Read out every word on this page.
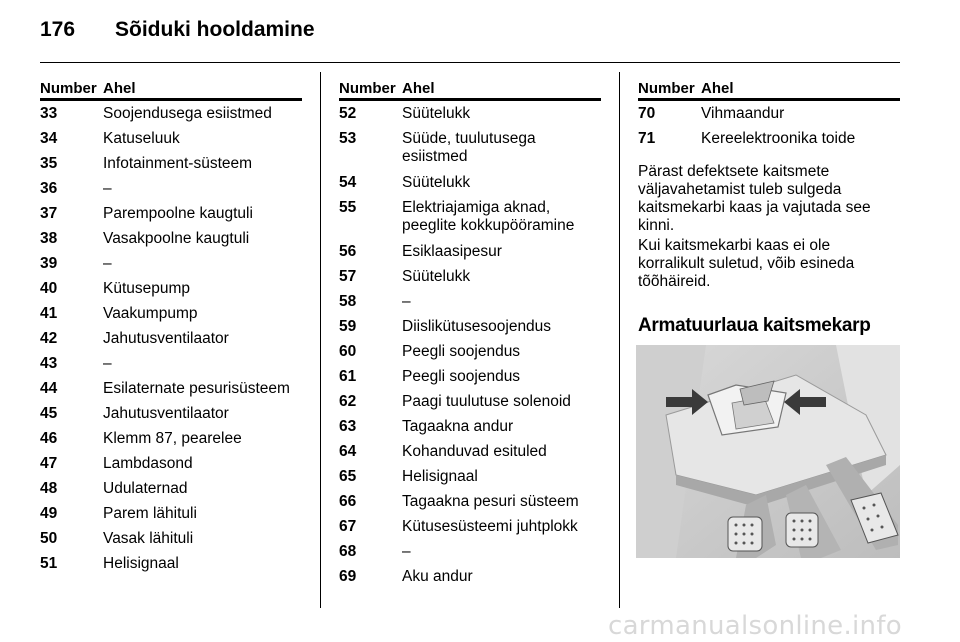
176 Sõiduki hooldamine
Number Ahel
33	Soojendusega esiistmed
34	Katuseluuk
35	Infotainment-süsteem
36	–
37	Parempoolne kaugtuli
38	Vasakpoolne kaugtuli
39	–
40	Kütusepump
41	Vaakumpump
42	Jahutusventilaator
43	–
44	Esilaternate pesurisüsteem
45	Jahutusventilaator
46	Klemm 87, pearelee
47	Lambdasond
48	Udulaternad
49	Parem lähituli
50	Vasak lähituli
51	Helisignaal
Number Ahel
52	Süütelukk
53	Süüde, tuulutusega esiistmed
54	Süütelukk
55	Elektriajamiga aknad, peeglite kokkupööramine
56	Esiklaasipesur
57	Süütelukk
58	–
59	Diislikütusesoojendus
60	Peegli soojendus
61	Peegli soojendus
62	Paagi tuulutuse solenoid
63	Tagaakna andur
64	Kohanduvad esituled
65	Helisignaal
66	Tagaakna pesuri süsteem
67	Kütusesüsteemi juhtplokk
68	–
69	Aku andur
Number Ahel
70	Vihmaandur
71	Kereelektroonika toide

Pärast defektsete kaitsmete väljavahetamist tuleb sulgeda kaitsmekarbi kaas ja vajutada see kinni.

Kui kaitsmekarbi kaas ei ole korralikult suletud, võib esineda tõõhäireid.

Armatuurlaua kaitsmekarp
carmanualsonline.info
